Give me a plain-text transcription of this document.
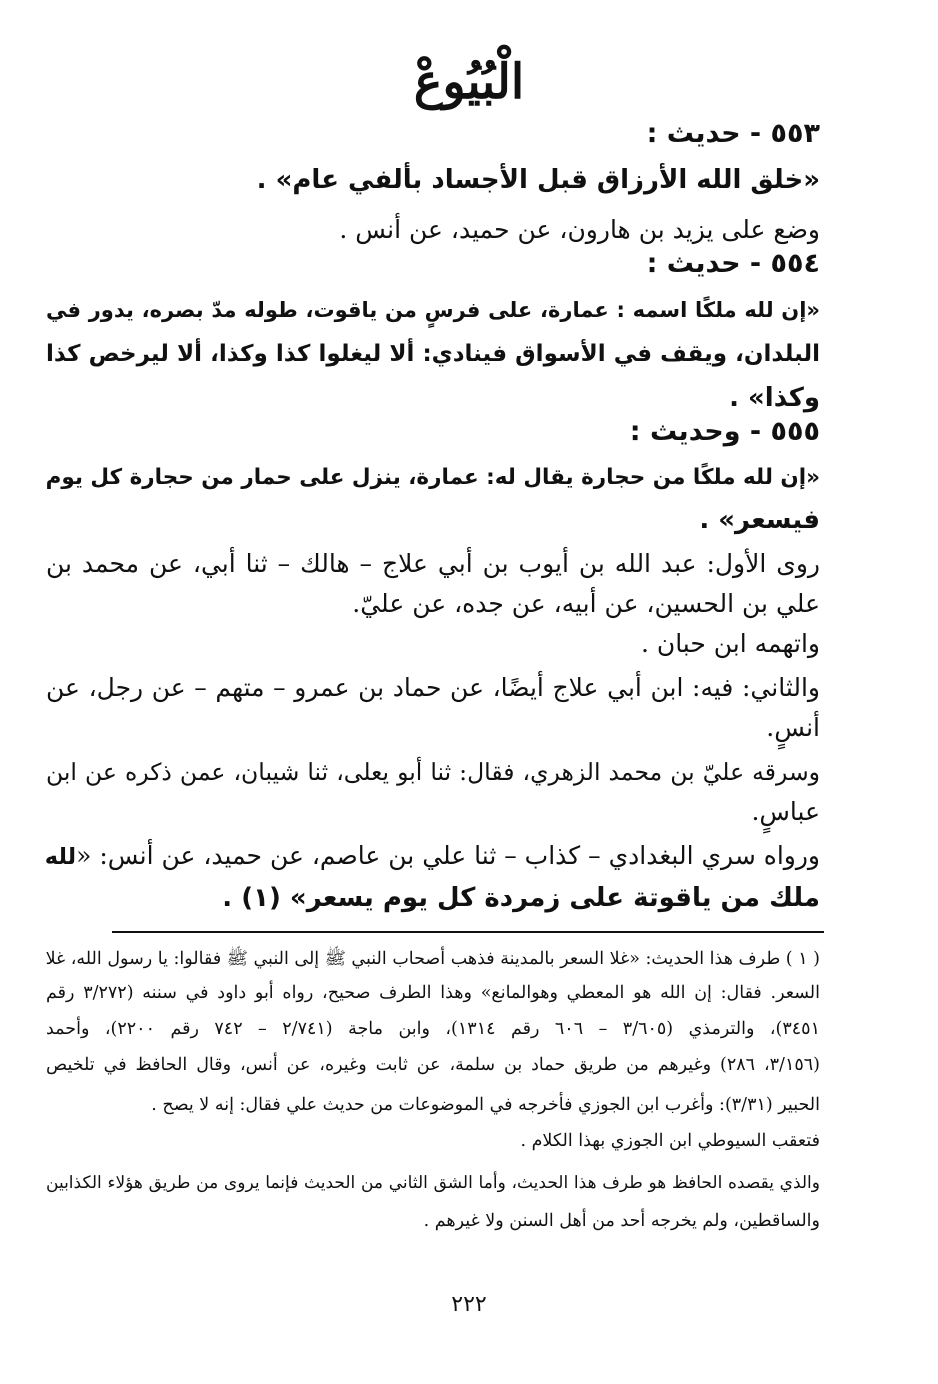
الْبُيُوعْ
٥٥٣ - حديث :
«خلق الله الأرزاق قبل الأجساد بألفي عام» .
وضع على يزيد بن هارون، عن حميد، عن أنس .
٥٥٤ - حديث :
«إن لله ملكًا اسمه : عمارة، على فرسٍ من ياقوت، طوله مدّ بصره، يدور في
البلدان، ويقف في الأسواق فينادي: ألا ليغلوا كذا وكذا، ألا ليرخص كذا
وكذا» .
٥٥٥ - وحديث :
«إن لله ملكًا من حجارة يقال له: عمارة، ينزل على حمار من حجارة كل يوم
فيسعر» .
روى الأول: عبد الله بن أيوب بن أبي علاج – هالك – ثنا أبي، عن محمد بن
علي بن الحسين، عن أبيه، عن جده، عن عليّ.
واتهمه ابن حبان .
والثاني: فيه: ابن أبي علاج أيضًا، عن حماد بن عمرو – متهم – عن رجل، عن
أنسٍ.
وسرقه عليّ بن محمد الزهري، فقال: ثنا أبو يعلى، ثنا شيبان، عمن ذكره عن ابن
عباسٍ.
ورواه سري البغدادي – كذاب – ثنا علي بن عاصم، عن حميد، عن أنس: «لله
ملك من ياقوتة على زمردة كل يوم يسعر» (١) .
( ١ ) طرف هذا الحديث: «غلا السعر بالمدينة فذهب أصحاب النبي ﷺ إلى النبي ﷺ فقالوا: يا رسول الله، غلا
السعر. فقال: إن الله هو المعطي وهوالمانع» وهذا الطرف صحيح، رواه أبو داود في سننه (٣/٢٧٢ رقم
٣٤٥١)، والترمذي (٣/٦٠٥ – ٦٠٦ رقم ١٣١٤)، وابن ماجة (٢/٧٤١ – ٧٤٢ رقم ٢٢٠٠)، وأحمد
(٣/١٥٦، ٢٨٦) وغيرهم من طريق حماد بن سلمة، عن ثابت وغيره، عن أنس، وقال الحافظ في تلخيص
الحبير (٣/٣١): وأغرب ابن الجوزي فأخرجه في الموضوعات من حديث علي فقال: إنه لا يصح .
فتعقب السيوطي ابن الجوزي بهذا الكلام .
والذي يقصده الحافظ هو طرف هذا الحديث، وأما الشق الثاني من الحديث فإنما يروى من طريق هؤلاء الكذابين
والساقطين، ولم يخرجه أحد من أهل السنن ولا غيرهم .
٢٢٢
